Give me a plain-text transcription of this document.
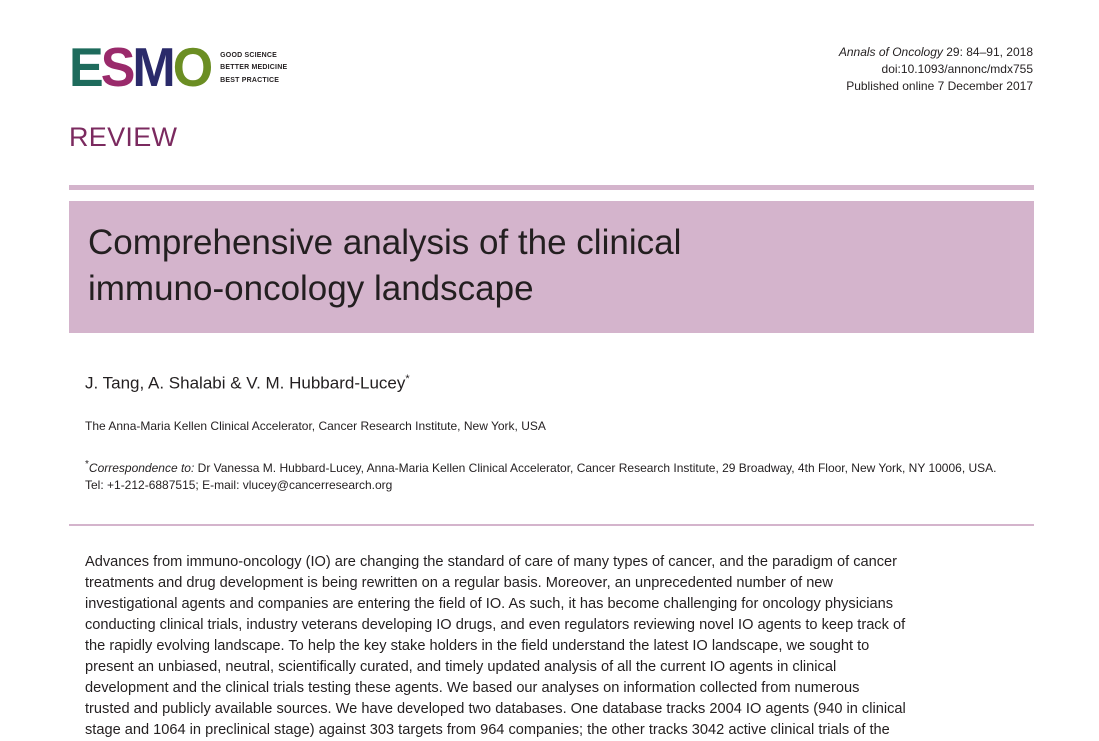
E S M O GOOD SCIENCE
BETTER MEDICINE
BEST PRACTICE
Annals of Oncology 29: 84–91, 2018
doi:10.1093/annonc/mdx755
Published online 7 December 2017
REVIEW
Comprehensive analysis of the clinical
immuno-oncology landscape
J. Tang, A. Shalabi & V. M. Hubbard-Lucey*
The Anna-Maria Kellen Clinical Accelerator, Cancer Research Institute, New York, USA
*Correspondence to: Dr Vanessa M. Hubbard-Lucey, Anna-Maria Kellen Clinical Accelerator, Cancer Research Institute, 29 Broadway, 4th Floor, New York, NY 10006, USA.
Tel: +1-212-6887515; E-mail: vlucey@cancerresearch.org
Advances from immuno-oncology (IO) are changing the standard of care of many types of cancer, and the paradigm of cancer
treatments and drug development is being rewritten on a regular basis. Moreover, an unprecedented number of new
investigational agents and companies are entering the field of IO. As such, it has become challenging for oncology physicians
conducting clinical trials, industry veterans developing IO drugs, and even regulators reviewing novel IO agents to keep track of
the rapidly evolving landscape. To help the key stake holders in the field understand the latest IO landscape, we sought to
present an unbiased, neutral, scientifically curated, and timely updated analysis of all the current IO agents in clinical
development and the clinical trials testing these agents. We based our analyses on information collected from numerous
trusted and publicly available sources. We have developed two databases. One database tracks 2004 IO agents (940 in clinical
stage and 1064 in preclinical stage) against 303 targets from 964 companies; the other tracks 3042 active clinical trials of the
